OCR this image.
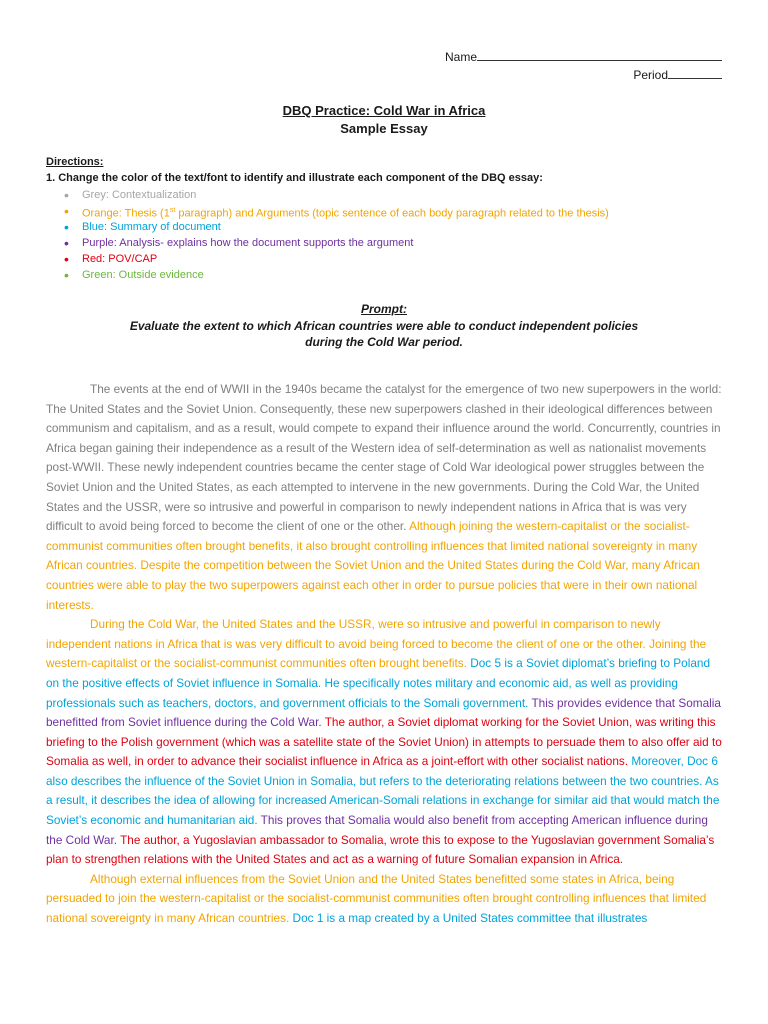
Name
Period
DBQ Practice: Cold War in Africa
Sample Essay
Directions:
1. Change the color of the text/font to identify and illustrate each component of the DBQ essay:
• Grey: Contextualization
• Orange: Thesis (1st paragraph) and Arguments (topic sentence of each body paragraph related to the thesis)
• Blue: Summary of document
• Purple: Analysis- explains how the document supports the argument
• Red: POV/CAP
• Green: Outside evidence
Prompt:
Evaluate the extent to which African countries were able to conduct independent policies
during the Cold War period.

The events at the end of WWII in the 1940s became the catalyst for the emergence of two new superpowers in the world: The United States and the Soviet Union. Consequently, these new superpowers clashed in their ideological differences between communism and capitalism, and as a result, would compete to expand their influence around the world. Concurrently, countries in Africa began gaining their independence as a result of the Western idea of self-determination as well as nationalist movements post-WWII. These newly independent countries became the center stage of Cold War ideological power struggles between the Soviet Union and the United States, as each attempted to intervene in the new governments. During the Cold War, the United States and the USSR, were so intrusive and powerful in comparison to newly independent nations in Africa that is was very difficult to avoid being forced to become the client of one or the other. Although joining the western-capitalist or the socialist-communist communities often brought benefits, it also brought controlling influences that limited national sovereignty in many African countries. Despite the competition between the Soviet Union and the United States during the Cold War, many African countries were able to play the two superpowers against each other in order to pursue policies that were in their own national interests.

During the Cold War, the United States and the USSR, were so intrusive and powerful in comparison to newly independent nations in Africa that is was very difficult to avoid being forced to become the client of one or the other. Joining the western-capitalist or the socialist-communist communities often brought benefits. Doc 5 is a Soviet diplomat’s briefing to Poland on the positive effects of Soviet influence in Somalia. He specifically notes military and economic aid, as well as providing professionals such as teachers, doctors, and government officials to the Somali government. This provides evidence that Somalia benefitted from Soviet influence during the Cold War. The author, a Soviet diplomat working for the Soviet Union, was writing this briefing to the Polish government (which was a satellite state of the Soviet Union) in attempts to persuade them to also offer aid to Somalia as well, in order to advance their socialist influence in Africa as a joint-effort with other socialist nations. Moreover, Doc 6 also describes the influence of the Soviet Union in Somalia, but refers to the deteriorating relations between the two countries. As a result, it describes the idea of allowing for increased American-Somali relations in exchange for similar aid that would match the Soviet’s economic and humanitarian aid. This proves that Somalia would also benefit from accepting American influence during the Cold War. The author, a Yugoslavian ambassador to Somalia, wrote this to expose to the Yugoslavian government Somalia’s plan to strengthen relations with the United States and act as a warning of future Somalian expansion in Africa.

Although external influences from the Soviet Union and the United States benefitted some states in Africa, being persuaded to join the western-capitalist or the socialist-communist communities often brought controlling influences that limited national sovereignty in many African countries. Doc 1 is a map created by a United States committee that illustrates
